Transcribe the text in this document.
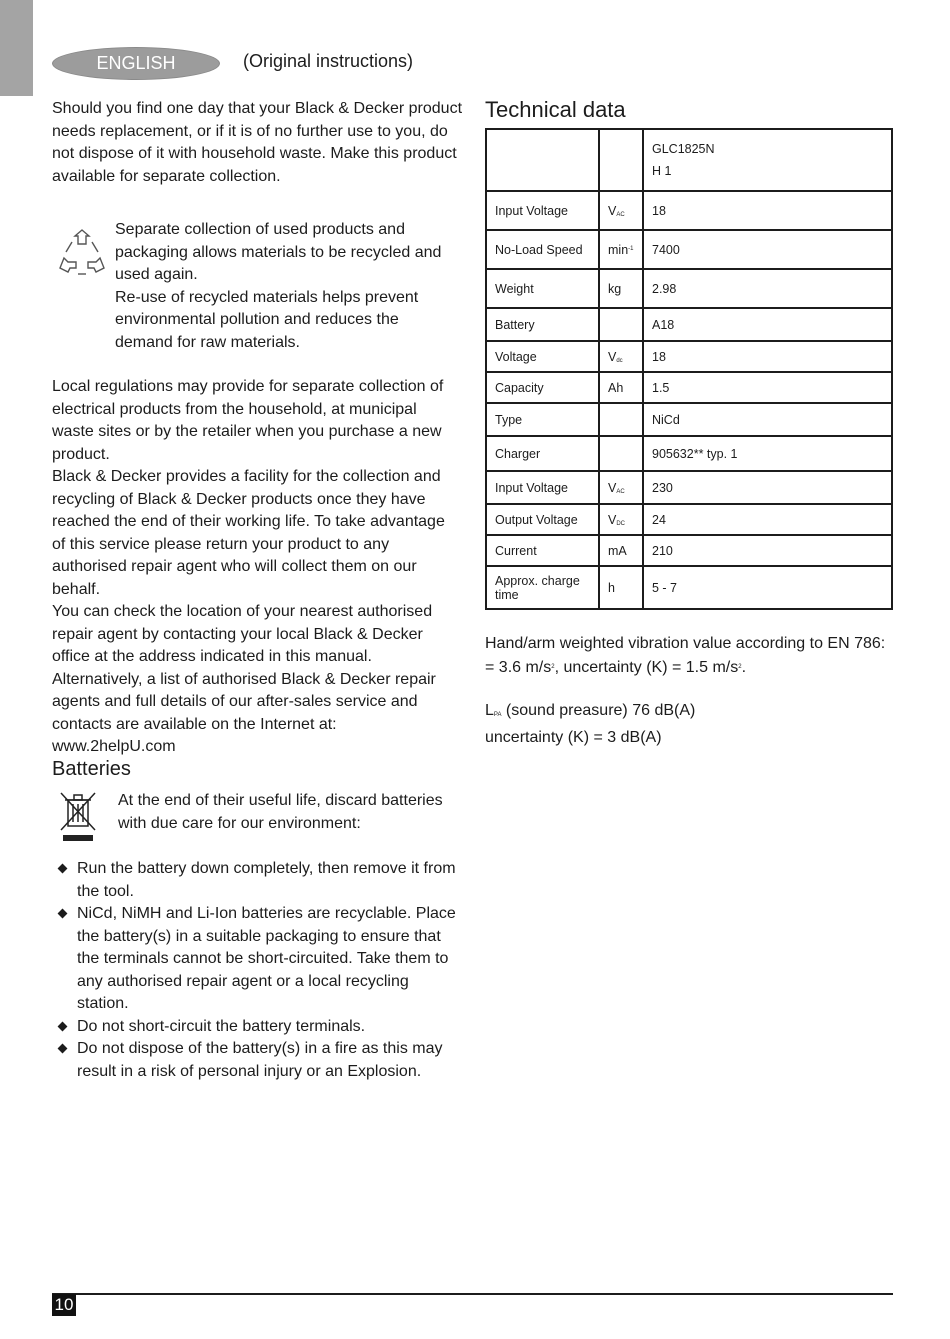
ENGLISH	(Original instructions)

Should you find one day that your Black & Decker product needs replacement, or if it is of no further use to you, do not dispose of it with household waste. Make this product available for separate collection.

Separate collection of used products and packaging allows materials to be recycled and used again.
Re-use of recycled materials helps prevent environmental pollution and reduces the demand for raw materials.

Local regulations may provide for separate collection of electrical products from the household, at municipal waste sites or by the retailer when you purchase a new product.

Black & Decker provides a facility for the collection and recycling of Black & Decker products once they have reached the end of their working life. To take advantage of this service please return your product to any authorised repair agent who will collect them on our behalf.

You can check the location of your nearest authorised repair agent by contacting your local Black & Decker office at the address indicated in this manual. Alternatively, a list of authorised Black & Decker repair agents and full details of our after-sales service and contacts are available on the Internet at: www.2helpU.com

Batteries
At the end of their useful life, discard batteries with due care for our environment:
Run the battery down completely, then remove it from the tool.
NiCd, NiMH and Li-Ion batteries are recyclable. Place the battery(s) in a suitable packaging to ensure that the terminals cannot be short-circuited. Take them to any authorised repair agent or a local recycling station.
Do not short-circuit the battery terminals.
Do not dispose of the battery(s) in a fire as this may result in a risk of personal injury or an Explosion.
Technical data

		GLC1825N
H 1

Input Voltage	VAC	18
No-Load Speed	$\min^{-1}$	7400
Weight	kg	2.98
Battery		A18
Voltage	Vdc	18
Capacity	Ah	1.5
Type		NiCd
Charger		905632** typ. 1
Input Voltage	VAC	230
Output Voltage	VDC	24
Current	mA	210
Approx. charge time	h	5 - 7
Hand/arm weighted vibration value according to EN 786:
= 3.6 $m/s^2$, uncertainty (K) = 1.5 $m/s^2$.
LPA (sound preasure) 76 dB(A)
uncertainty (K) = 3 dB(A)
10
